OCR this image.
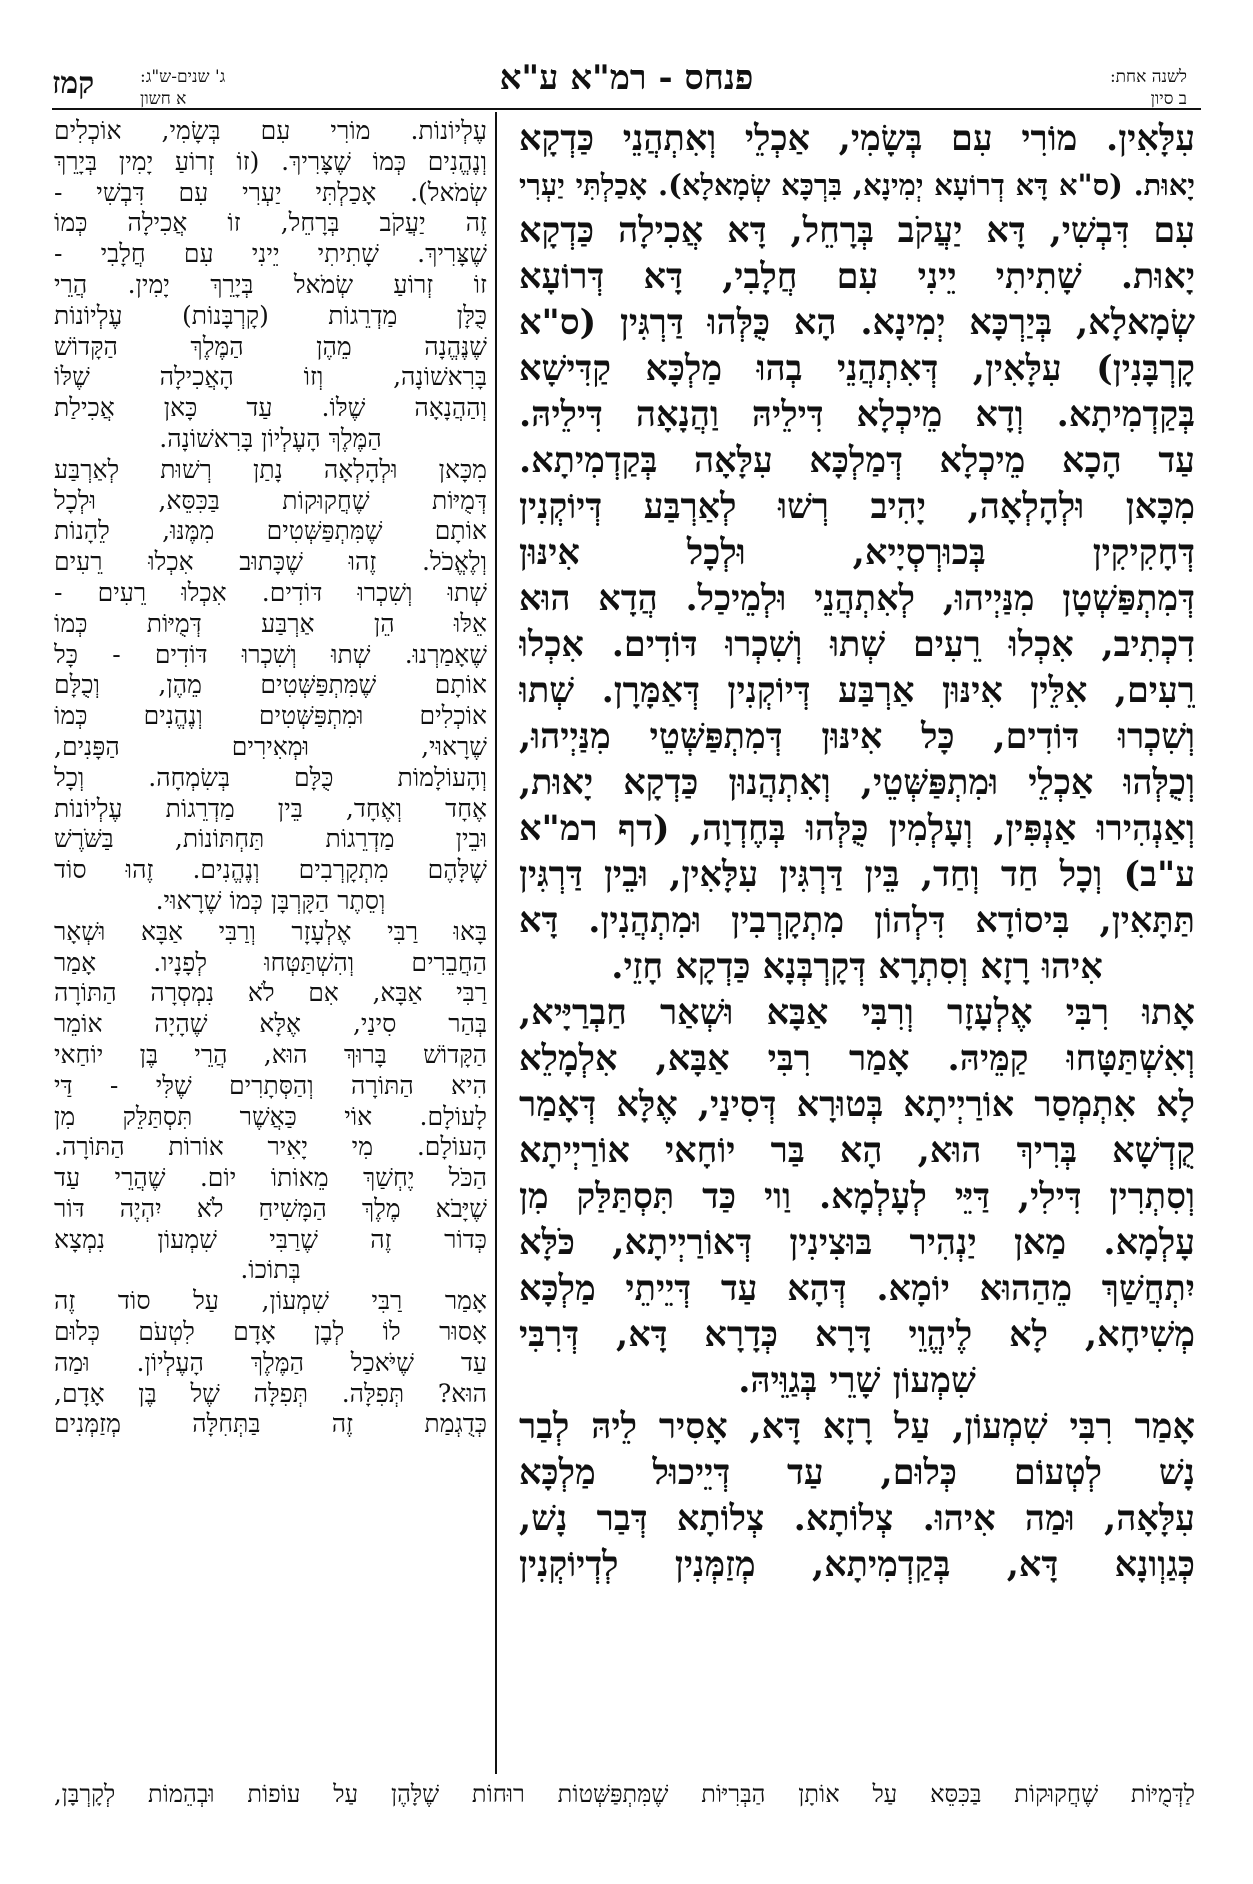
לשנה אחת:
ב סיון
פנחס - רמ"א ע"א
ג' שנים-ש"ג:
א חשון
קמז
עִלָּאִין. מוֹרִי עִם בְּשָׂמִי, אַכְלֵי וְאִתְהֲנֵי כַּדְקָא
יָאוּת. (ס"א דָּא דְרוֹעָא יְמִינָא, בִּרְכָּא שְׂמָאלָא). אָכַלְתִּי יַעְרִי
עִם דִּבְשִׁי, דָּא יַעֲקֹב בְּרָחֵל, דָּא אֲכִילָה כַּדְקָא
יָאוּת. שָׁתִיתִי יֵינִי עִם חֲלָבִי, דָּא דְּרוֹעָא
שְׂמָאלָא, בְּיַרְכָּא יְמִינָא. הָא כֻּלְּהוּ דַּרְגִּין (ס"א
קָרְבָּנִין) עִלָּאִין, דְּאִתְהֲנֵי בְהוּ מַלְכָּא קַדִּישָׁא
בְּקַדְמִיתָא. וְדָא מֵיכְלָא דִּילֵיהּ וַהֲנָאָה דִּילֵיהּ.
עַד הָכָא מֵיכְלָא דְּמַלְכָּא עִלָּאָה בְּקַדְמִיתָא.
מִכָּאן וּלְהָלְאָה, יָהִיב רְשׁוּ לְאַרְבַּע דְּיוֹקְנִין
דְּחָקִיקִין בְּכוּרְסְיָיא, וּלְכָל אִינּוּן
דְּמִתְפַּשְׁטָן מִנַּיְיהוּ, לְאִתְהֲנֵי וּלְמֵיכַל. הֲדָא הוּא
דִכְתִיב, אִכְלוּ רֵעִים שְׁתוּ וְשִׁכְרוּ דּוֹדִים. אִכְלוּ
רֵעִים, אִלֵּין אִינּוּן אַרְבַּע דְּיוֹקְנִין דְּאַמָּרָן. שְׁתוּ
וְשִׁכְרוּ דּוֹדִים, כָּל אִינּוּן דְּמִתְפַּשְּׁטֵי מִנַּיְיהוּ,
וְכֻלְּהוּ אַכְלֵי וּמִתְפַּשְּׁטֵי, וְאִתְהֲנוּן כַּדְקָא יָאוּת,
וְאַנְהִירוּ אַנְפִּין, וְעָלְמִין כֻּלְּהוּ בְּחֶדְוָה, (דף רמ"א
ע"ב) וְכָל חַד וְחַד, בֵּין דַּרְגִּין עִלָּאִין, וּבֵין דַּרְגִּין
תַּתָּאִין, בִּיסוֹדָא דִּלְהוֹן מִתְקָרְבִין וּמִתְהֲנִין. דָּא
אִיהוּ רָזָא וְסִתְרָא דְּקָרְבְּנָא כַּדְקָא חָזֵי.
אָתוּ רִבִּי אֶלְעָזָר וְרִבִּי אַבָּא וּשְׁאַר חַבְרַיָּיא,
וְאִשְׁתַּטָּחוּ קַמֵּיהּ. אָמַר רִבִּי אַבָּא, אִלְמָלֵא
לָא אִתְמְסַר אוֹרַיְיתָא בְּטוּרָא דְּסִינַי, אֶלָּא דְּאָמַר
קֻדְשָׁא בְּרִיךְ הוּא, הָא בַּר יוֹחָאי אוֹרַיְיתָא
וְסִתְרִין דִּילִי, דַּיֵּי לְעָלְמָא. וַוי כַּד תִּסְתַּלַּק מִן
עָלְמָא. מַאן יַנְהִיר בּוּצִינִין דְּאוֹרַיְיתָא, כֹּלָּא
יִתְחֲשַׁךְ מֵהַהוּא יוֹמָא. דְּהָא עַד דְּיֵיתֵי מַלְכָּא
מְשִׁיחָא, לָא לֶיהֱוֵי דָּרָא כְּדָרָא דָּא, דְּרִבִּי
שִׁמְעוֹן שָׁרֵי בְּגַוֵּיהּ.
אָמַר רִבִּי שִׁמְעוֹן, עַל רָזָא דָּא, אָסִיר לֵיהּ לְבַר
נָשׁ לְטְעוֹם כְּלוּם, עַד דְּיֵיכוּל מַלְכָּא
עִלָּאָה, וּמַה אִיהוּ. צְלוֹתָא. צְלוֹתָא דְּבַר נָשׁ,
כְּגַוְונָא דָּא, בְּקַדְמִיתָא, מְזַמְּנִין לְדְיוֹקְנִין
עֶלְיוֹנוֹת. מוֹרִי עִם בְּשָׂמִי, אוֹכְלִים
וְנֶהֱנִים כְּמוֹ שֶׁצָּרִיךְ. (זוֹ זְרוֹעַ יָמִין בְּיָרֵךְ
שְׂמֹאל). אָכַלְתִּי יַעְרִי עִם דִּבְשִׁי -
זֶה יַעֲקֹב בְּרָחֵל, זוֹ אֲכִילָה כְּמוֹ
שֶׁצָּרִיךְ. שָׁתִיתִי יֵינִי עִם חֲלָבִי -
זוֹ זְרוֹעַ שְׂמֹאל בְּיָרֵךְ יָמִין. הֲרֵי
כֻּלָּן מַדְרֵגוֹת (קָרְבָּנוֹת) עֶלְיוֹנוֹת
שֶׁנֶּהֱנָה מֵהֶן הַמֶּלֶךְ הַקָּדוֹשׁ
בָּרִאשׁוֹנָה, וְזוֹ הָאֲכִילָה שֶׁלּוֹ
וְהַהֲנָאָה שֶׁלּוֹ. עַד כָּאן אֲכִילַת
הַמֶּלֶךְ הָעֶלְיוֹן בָּרִאשׁוֹנָה.
מִכָּאן וּלְהָלְאָה נָתַן רְשׁוּת לְאַרְבַּע
דְּמֻיּוֹת שֶׁחֲקוּקוֹת בַּכִּסֵּא, וּלְכָל
אוֹתָם שֶׁמִּתְפַּשְּׁטִים מִמֶּנּוּ, לֵהָנוֹת
וְלֶאֱכֹל. זֶהוּ שֶׁכָּתוּב אִכְלוּ רֵעִים
שְׁתוּ וְשִׁכְרוּ דּוֹדִים. אִכְלוּ רֵעִים -
אֵלּוּ הֵן אַרְבַּע דְּמֻיּוֹת כְּמוֹ
שֶׁאָמַרְנוּ. שְׁתוּ וְשִׁכְרוּ דּוֹדִים - כָּל
אוֹתָם שֶׁמִּתְפַּשְּׁטִים מֵהֶן, וְכֻלָּם
אוֹכְלִים וּמִתְפַּשְּׁטִים וְנֶהֱנִים כְּמוֹ
שֶׁרָאוּי, וּמְאִירִים הַפָּנִים,
וְהָעוֹלָמוֹת כֻּלָּם בְּשִׂמְחָה. וְכָל
אֶחָד וְאֶחָד, בֵּין מַדְרֵגוֹת עֶלְיוֹנוֹת
וּבֵין מַדְרֵגוֹת תַּחְתּוֹנוֹת, בַּשֹּׁרֶשׁ
שֶׁלָּהֶם מִתְקָרְבִים וְנֶהֱנִים. זֶהוּ סוֹד
וְסֵתֶר הַקָּרְבָּן כְּמוֹ שֶׁרָאוּי.
בָּאוּ רַבִּי אֶלְעָזָר וְרַבִּי אַבָּא וּשְׁאָר
הַחֲבֵרִים וְהִשְׁתַּטְּחוּ לְפָנָיו. אָמַר
רַבִּי אַבָּא, אִם לֹא נִמְסְרָה הַתּוֹרָה
בְּהַר סִינַי, אֶלָּא שֶׁהָיָה אוֹמֵר
הַקָּדוֹשׁ בָּרוּךְ הוּא, הֲרֵי בֶּן יוֹחַאי
הִיא הַתּוֹרָה וְהַסְּתָרִים שֶׁלִּי - דַּי
לָעוֹלָם. אוֹי כַּאֲשֶׁר תִּסְתַּלֵּק מִן
הָעוֹלָם. מִי יָאִיר אוֹרוֹת הַתּוֹרָה.
הַכֹּל יֶחְשַׁךְ מֵאוֹתוֹ יוֹם. שֶׁהֲרֵי עַד
שֶׁיָּבֹא מֶלֶךְ הַמָּשִׁיחַ לֹא יִהְיֶה דּוֹר
כְּדוֹר זֶה שֶׁרַבִּי שִׁמְעוֹן נִמְצָא
בְּתוֹכוֹ.
אָמַר רַבִּי שִׁמְעוֹן, עַל סוֹד זֶה
אָסוּר לוֹ לְבֶן אָדָם לִטְעֹם כְּלוּם
עַד שֶׁיֹּאכַל הַמֶּלֶךְ הָעֶלְיוֹן. וּמַה
הוּא? תְּפִלָּה. תְּפִלָּה שֶׁל בֶּן אָדָם,
כְּדֻגְמַת זֶה בַּתְּחִלָּה מְזַמְּנִים
לַדְּמֻיּוֹת שֶׁחֲקוּקוֹת בַּכִּסֵּא עַל אוֹתָן הַבְּרִיּוֹת שֶׁמִּתְפַּשְּׁטוֹת רוּחוֹת שֶׁלָּהֶן עַל עוֹפוֹת וּבְהֵמוֹת לְקָרְבָּן,
